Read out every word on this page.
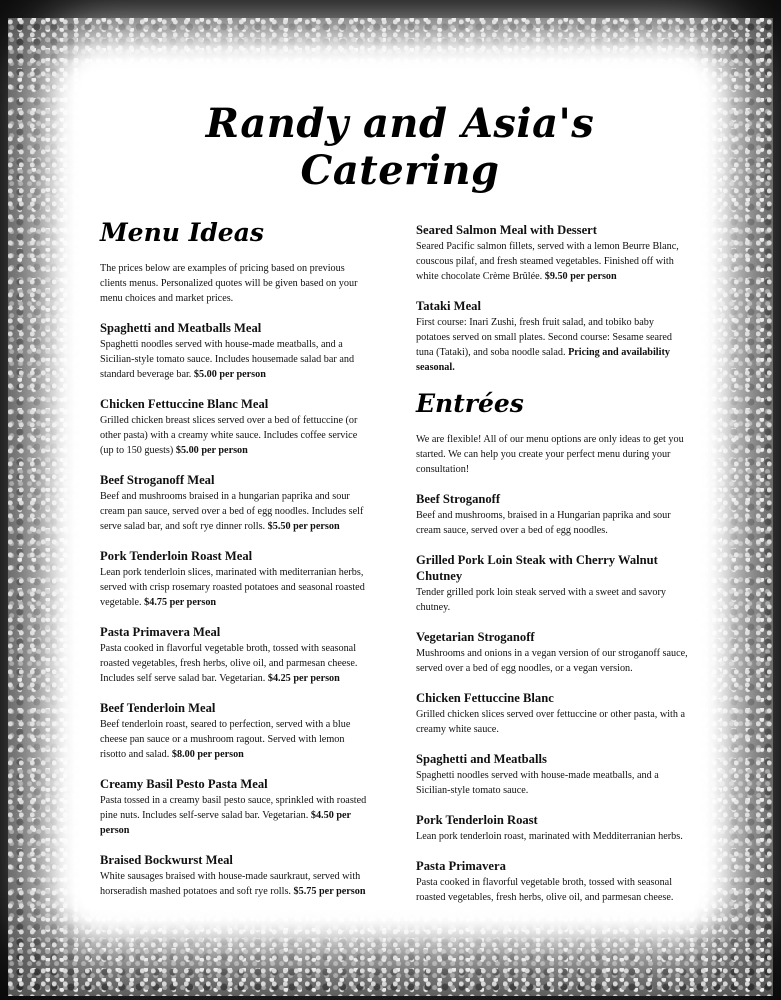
Randy and Asia's Catering
Menu Ideas

The prices below are examples of pricing based on previous clients menus. Personalized quotes will be given based on your menu choices and market prices.

Spaghetti and Meatballs Meal

Spaghetti noodles served with house-made meatballs, and a Sicilian-style tomato sauce. Includes housemade salad bar and standard beverage bar. $5.00 per person

Chicken Fettuccine Blanc Meal

Grilled chicken breast slices served over a bed of fettuccine (or other pasta) with a creamy white sauce. Includes coffee service (up to 150 guests) $5.00 per person

Beef Stroganoff Meal

Beef and mushrooms braised in a hungarian paprika and sour cream pan sauce, served over a bed of egg noodles. Includes self serve salad bar, and soft rye dinner rolls. $5.50 per person

Pork Tenderloin Roast Meal

Lean pork tenderloin slices, marinated with mediterranian herbs, served with crisp rosemary roasted potatoes and seasonal roasted vegetable. $4.75 per person

Pasta Primavera Meal

Pasta cooked in flavorful vegetable broth, tossed with seasonal roasted vegetables, fresh herbs, olive oil, and parmesan cheese. Includes self serve salad bar. Vegetarian. $4.25 per person

Beef Tenderloin Meal

Beef tenderloin roast, seared to perfection, served with a blue cheese pan sauce or a mushroom ragout. Served with lemon risotto and salad. $8.00 per person

Creamy Basil Pesto Pasta Meal

Pasta tossed in a creamy basil pesto sauce, sprinkled with roasted pine nuts. Includes self-serve salad bar. Vegetarian. $4.50 per person

Braised Bockwurst Meal

White sausages braised with house-made saurkraut, served with horseradish mashed potatoes and soft rye rolls. $5.75 per person

Seared Salmon Meal with Dessert

Seared Pacific salmon fillets, served with a lemon Beurre Blanc, couscous pilaf, and fresh steamed vegetables. Finished off with white chocolate Crème Brûlée. $9.50 per person

Tataki Meal

First course: Inari Zushi, fresh fruit salad, and tobiko baby potatoes served on small plates. Second course: Sesame seared tuna (Tataki), and soba noodle salad. Pricing and availability seasonal.

Entrées

We are flexible! All of our menu options are only ideas to get you started. We can help you create your perfect menu during your consultation!

Beef Stroganoff

Beef and mushrooms, braised in a Hungarian paprika and sour cream sauce, served over a bed of egg noodles.

Grilled Pork Loin Steak with Cherry Walnut Chutney

Tender grilled pork loin steak served with a sweet and savory chutney.

Vegetarian Stroganoff

Mushrooms and onions in a vegan version of our stroganoff sauce, served over a bed of egg noodles, or a vegan version.

Chicken Fettuccine Blanc

Grilled chicken slices served over fettuccine or other pasta, with a creamy white sauce.

Spaghetti and Meatballs

Spaghetti noodles served with house-made meatballs, and a Sicilian-style tomato sauce.

Pork Tenderloin Roast

Lean pork tenderloin roast, marinated with Medditerranian herbs.

Pasta Primavera

Pasta cooked in flavorful vegetable broth, tossed with seasonal roasted vegetables, fresh herbs, olive oil, and parmesan cheese.
